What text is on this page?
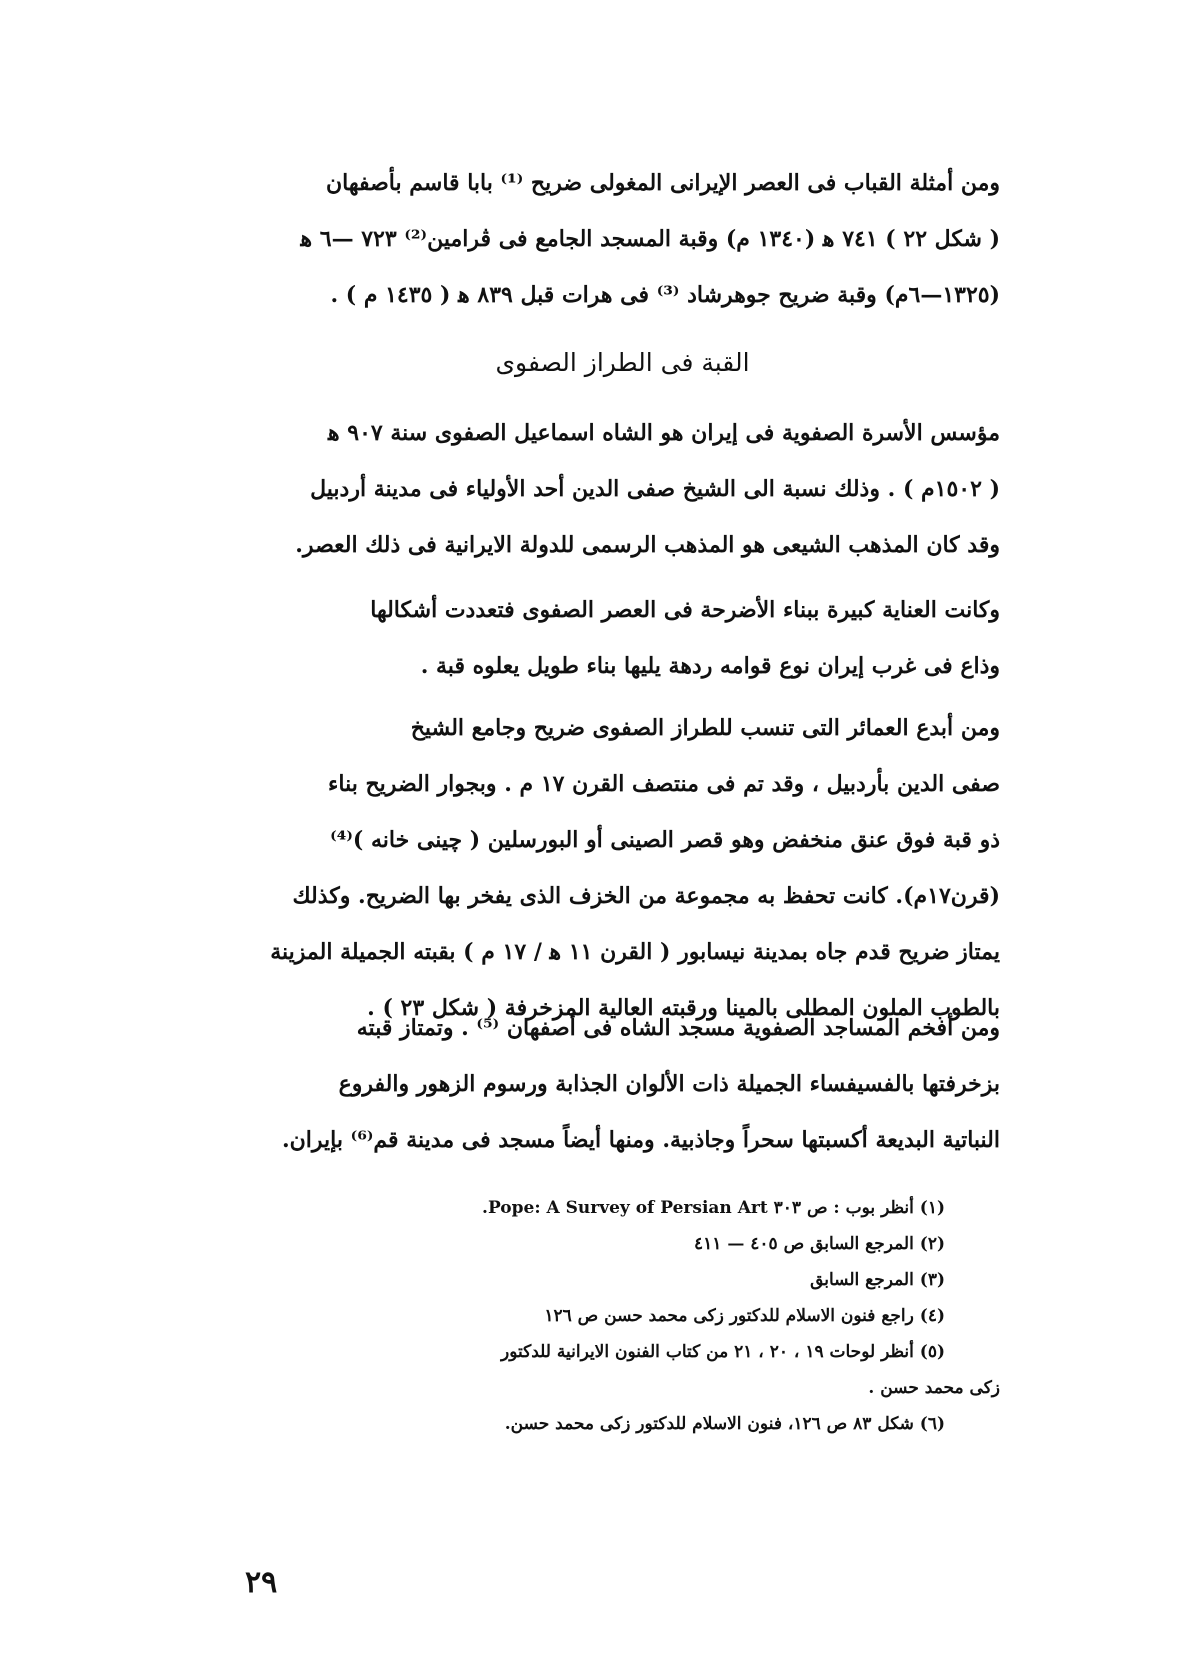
ومن أمثلة القباب فى العصر الإيرانى المغولى ضريح ⁽¹⁾ بابا قاسم بأصفهان
( شكل ٢٢ ) ٧٤١ ﻫ (١٣٤٠ م) وقبة المسجد الجامع فى ڤرامين⁽²⁾ ٧٢٣ —٦ ﻫ
(١٣٢٥—٦م) وقبة ضريح جوهرشاد ⁽³⁾ فى هرات قبل ٨٣٩ ﻫ ( ١٤٣٥ م ) .
القبة فى الطراز الصفوى
مؤسس الأسرة الصفوية فى إيران هو الشاه اسماعيل الصفوى سنة ٩٠٧ ﻫ
( ١٥٠٢م ) . وذلك نسبة الى الشيخ صفى الدين أحد الأولياء فى مدينة أردبيل
وقد كان المذهب الشيعى هو المذهب الرسمى للدولة الايرانية فى ذلك العصر.
وكانت العناية كبيرة ببناء الأضرحة فى العصر الصفوى فتعددت أشكالها
وذاع فى غرب إيران نوع قوامه ردهة يليها بناء طويل يعلوه قبة .
ومن أبدع العمائر التى تنسب للطراز الصفوى ضريح وجامع الشيخ
صفى الدين بأردبيل ، وقد تم فى منتصف القرن ١٧ م . وبجوار الضريح بناء
ذو قبة فوق عنق منخفض وهو قصر الصينى أو البورسلين ( چينى خانه )⁽⁴⁾
(قرن١٧م). كانت تحفظ به مجموعة من الخزف الذى يفخر بها الضريح. وكذلك
يمتاز ضريح قدم جاه بمدينة نيسابور ( القرن ١١ ﻫ / ١٧ م ) بقبته الجميلة المزينة
بالطوب الملون المطلى بالمينا ورقبته العالية المزخرفة ( شكل ٢٣ ) .
ومن أفخم المساجد الصفوية مسجد الشاه فى أصفهان ⁽⁵⁾ . وتمتاز قبته
بزخرفتها بالفسيفساء الجميلة ذات الألوان الجذابة ورسوم الزهور والفروع
النباتية البديعة أكسبتها سحراً وجاذبية. ومنها أيضاً مسجد فى مدينة قم⁽⁶⁾ بإيران.
(١) أنظر بوب : ص ٣٠٣ Pope: A Survey of Persian Art.
(٢) المرجع السابق ص ٤٠٥ — ٤١١
(٣) المرجع السابق
(٤) راجع فنون الاسلام للدكتور زكى محمد حسن ص ١٢٦
(٥) أنظر لوحات ١٩ ، ٢٠ ، ٢١ من كتاب الفنون الايرانية للدكتور
زكى محمد حسن .
(٦) شكل ٨٣ ص ١٢٦، فنون الاسلام للدكتور زكى محمد حسن.
٢٩
